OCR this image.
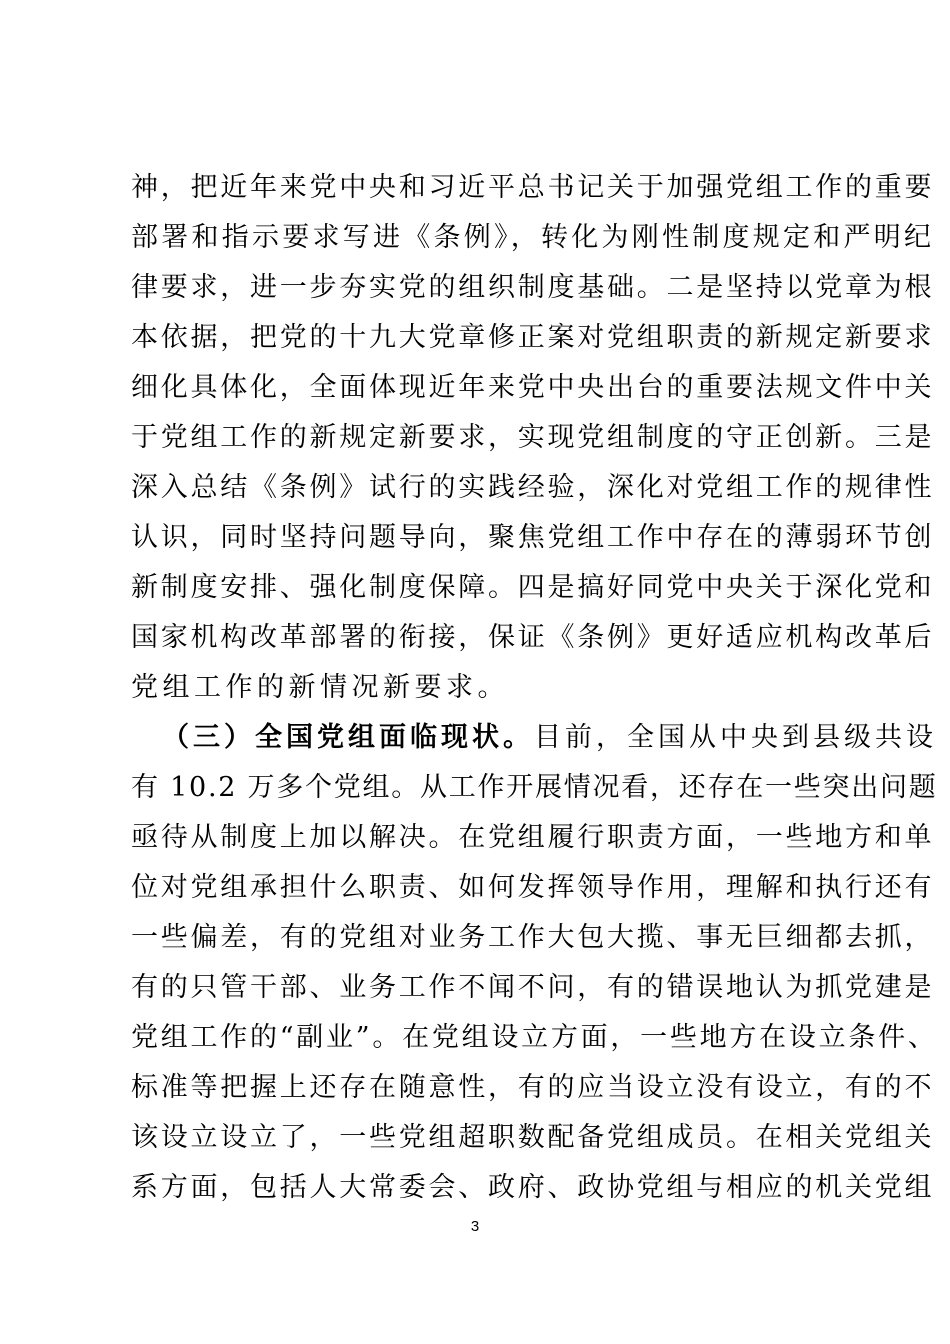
神，把近年来党中央和习近平总书记关于加强党组工作的重要
部署和指示要求写进《条例》，转化为刚性制度规定和严明纪
律要求，进一步夯实党的组织制度基础。二是坚持以党章为根
本依据，把党的十九大党章修正案对党组职责的新规定新要求
细化具体化，全面体现近年来党中央出台的重要法规文件中关
于党组工作的新规定新要求，实现党组制度的守正创新。三是
深入总结《条例》试行的实践经验，深化对党组工作的规律性
认识，同时坚持问题导向，聚焦党组工作中存在的薄弱环节创
新制度安排、强化制度保障。四是搞好同党中央关于深化党和
国家机构改革部署的衔接，保证《条例》更好适应机构改革后
党组工作的新情况新要求。
（三）全国党组面临现状。目前，全国从中央到县级共设
有 10.2 万多个党组。从工作开展情况看，还存在一些突出问题
亟待从制度上加以解决。在党组履行职责方面，一些地方和单
位对党组承担什么职责、如何发挥领导作用，理解和执行还有
一些偏差，有的党组对业务工作大包大揽、事无巨细都去抓，
有的只管干部、业务工作不闻不问，有的错误地认为抓党建是
党组工作的“副业”。在党组设立方面，一些地方在设立条件、
标准等把握上还存在随意性，有的应当设立没有设立，有的不
该设立设立了，一些党组超职数配备党组成员。在相关党组关
系方面，包括人大常委会、政府、政协党组与相应的机关党组
3
